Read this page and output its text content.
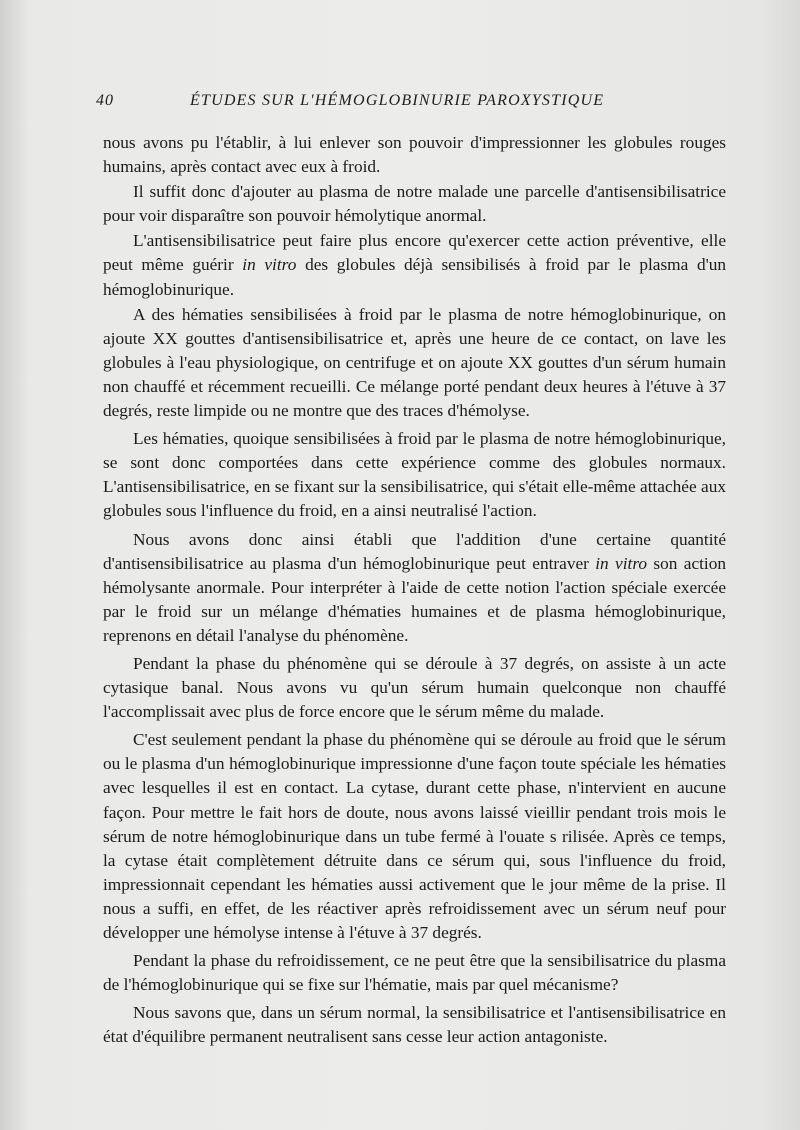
40	ÉTUDES SUR L'HÉMOGLOBINURIE PAROXYSTIQUE

nous avons pu l'établir, à lui enlever son pouvoir d'impressionner les globules rouges humains, après contact avec eux à froid.

Il suffit donc d'ajouter au plasma de notre malade une parcelle d'antisensibilisatrice pour voir disparaître son pouvoir hémolytique anormal.

L'antisensibilisatrice peut faire plus encore qu'exercer cette action préventive, elle peut même guérir in vitro des globules déjà sensibilisés à froid par le plasma d'un hémoglobinurique.

A des hématies sensibilisées à froid par le plasma de notre hémoglobinurique, on ajoute XX gouttes d'antisensibilisatrice et, après une heure de ce contact, on lave les globules à l'eau physiologique, on centrifuge et on ajoute XX gouttes d'un sérum humain non chauffé et récemment recueilli. Ce mélange porté pendant deux heures à l'étuve à 37 degrés, reste limpide ou ne montre que des traces d'hémolyse.

Les hématies, quoique sensibilisées à froid par le plasma de notre hémoglobinurique, se sont donc comportées dans cette expérience comme des globules normaux. L'antisensibilisatrice, en se fixant sur la sensibilisatrice, qui s'était elle-même attachée aux globules sous l'influence du froid, en a ainsi neutralisé l'action.

Nous avons donc ainsi établi que l'addition d'une certaine quantité d'antisensibilisatrice au plasma d'un hémoglobinurique peut entraver in vitro son action hémolysante anormale. Pour interpréter à l'aide de cette notion l'action spéciale exercée par le froid sur un mélange d'hématies humaines et de plasma hémoglobinurique, reprenons en détail l'analyse du phénomène.

Pendant la phase du phénomène qui se déroule à 37 degrés, on assiste à un acte cytasique banal. Nous avons vu qu'un sérum humain quelconque non chauffé l'accomplissait avec plus de force encore que le sérum même du malade.

C'est seulement pendant la phase du phénomène qui se déroule au froid que le sérum ou le plasma d'un hémoglobinurique impressionne d'une façon toute spéciale les hématies avec lesquelles il est en contact. La cytase, durant cette phase, n'intervient en aucune façon. Pour mettre le fait hors de doute, nous avons laissé vieillir pendant trois mois le sérum de notre hémoglobinurique dans un tube fermé à l'ouate s rilisée. Après ce temps, la cytase était complètement détruite dans ce sérum qui, sous l'influence du froid, impressionnait cependant les hématies aussi activement que le jour même de la prise. Il nous a suffi, en effet, de les réactiver après refroidissement avec un sérum neuf pour développer une hémolyse intense à l'étuve à 37 degrés.

Pendant la phase du refroidissement, ce ne peut être que la sensibilisatrice du plasma de l'hémoglobinurique qui se fixe sur l'hématie, mais par quel mécanisme?

Nous savons que, dans un sérum normal, la sensibilisatrice et l'antisensibilisatrice en état d'équilibre permanent neutralisent sans cesse leur action antagoniste.
